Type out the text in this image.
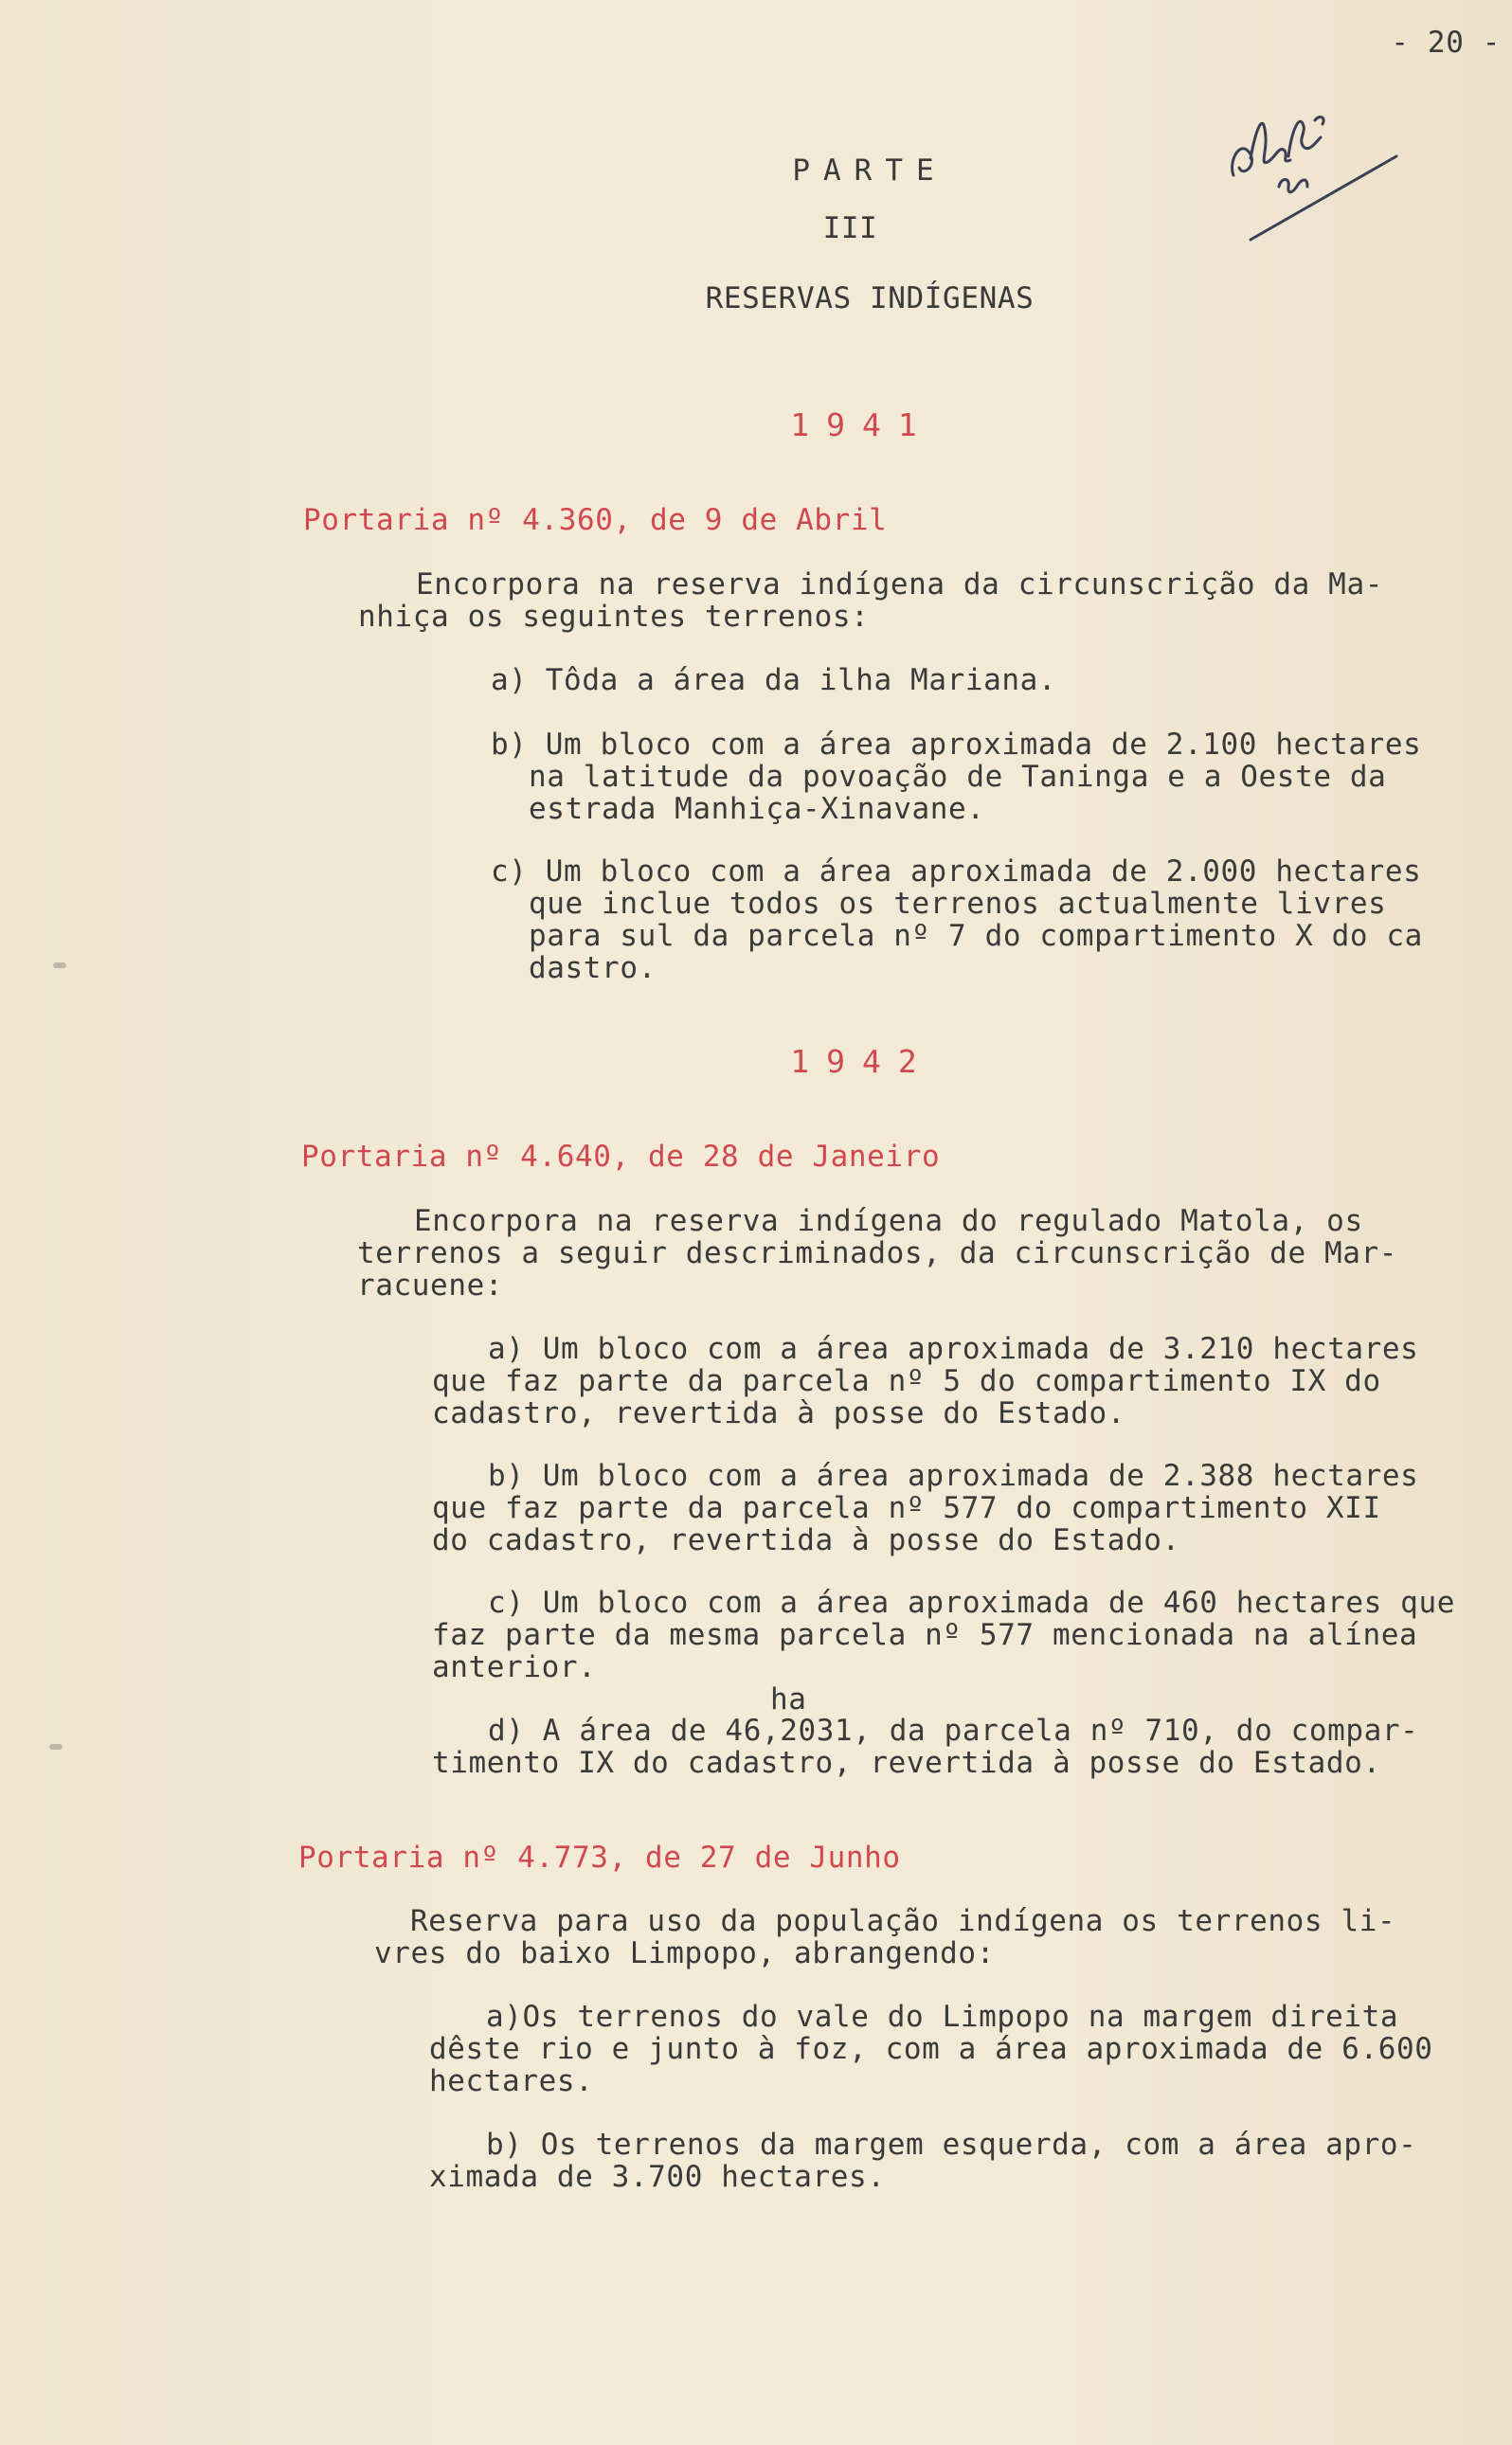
- 20 -
PARTE
III
RESERVAS INDÍGENAS
1941
Portaria nº 4.360, de 9 de Abril
Encorpora na reserva indígena da circunscrição da Ma-
nhiça os seguintes terrenos:
a) Tôda a área da ilha Mariana.
b) Um bloco com a área aproximada de 2.100 hectares
na latitude da povoação de Taninga e a Oeste da
estrada Manhiça-Xinavane.
c) Um bloco com a área aproximada de 2.000 hectares
que inclue todos os terrenos actualmente livres
para sul da parcela nº 7 do compartimento X do ca
dastro.
1942
Portaria nº 4.640, de 28 de Janeiro
Encorpora na reserva indígena do regulado Matola, os
terrenos a seguir descriminados, da circunscrição de Mar-
racuene:
a) Um bloco com a área aproximada de 3.210 hectares
que faz parte da parcela nº 5 do compartimento IX do
cadastro, revertida à posse do Estado.
b) Um bloco com a área aproximada de 2.388 hectares
que faz parte da parcela nº 577 do compartimento XII
do cadastro, revertida à posse do Estado.
c) Um bloco com a área aproximada de 460 hectares que
faz parte da mesma parcela nº 577 mencionada na alínea
anterior.
ha
d) A área de 46,2031, da parcela nº 710, do compar-
timento IX do cadastro, revertida à posse do Estado.
Portaria nº 4.773, de 27 de Junho
Reserva para uso da população indígena os terrenos li-
vres do baixo Limpopo, abrangendo:
a)Os terrenos do vale do Limpopo na margem direita
dêste rio e junto à foz, com a área aproximada de 6.600
hectares.
b) Os terrenos da margem esquerda, com a área apro-
ximada de 3.700 hectares.
